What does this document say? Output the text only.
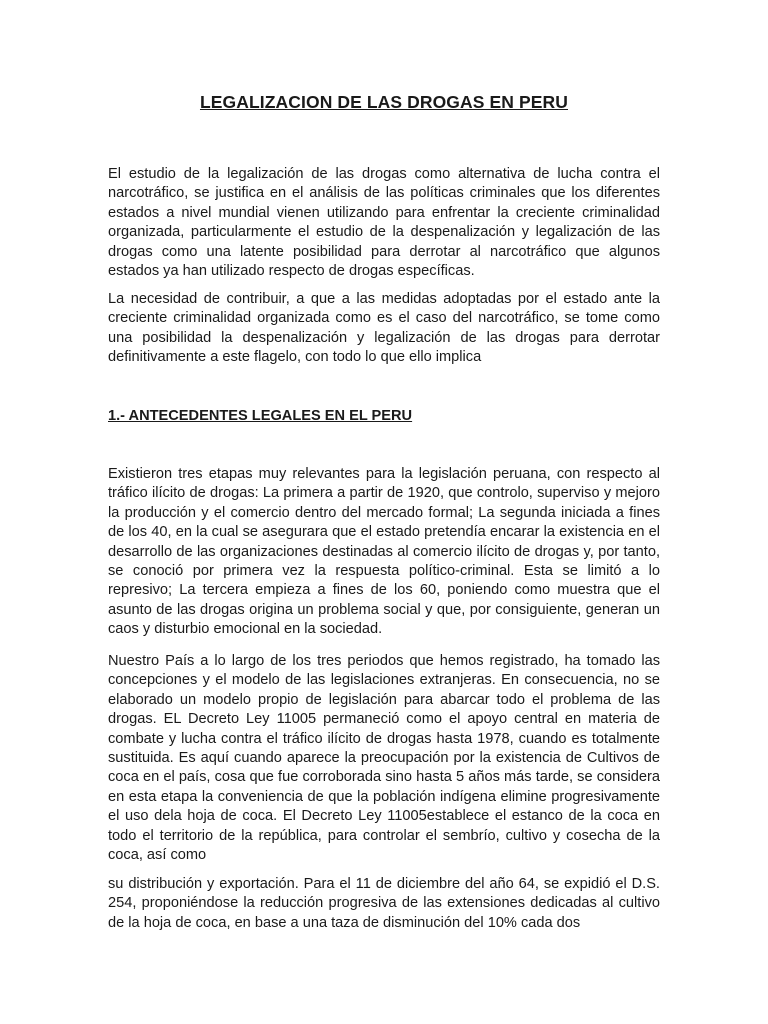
LEGALIZACION DE LAS DROGAS EN PERU

El estudio de la legalización de las drogas como alternativa de lucha contra el narcotráfico, se justifica en el análisis de las políticas criminales que los diferentes estados a nivel mundial vienen utilizando para enfrentar la creciente criminalidad organizada, particularmente el estudio de la despenalización y legalización de las drogas como una latente posibilidad para derrotar al narcotráfico que algunos estados ya han utilizado respecto de drogas específicas.

La necesidad de contribuir, a que a las medidas adoptadas por el estado ante la creciente criminalidad organizada como es el caso del narcotráfico, se tome como una posibilidad la despenalización y legalización de las drogas para derrotar definitivamente a este flagelo, con todo lo que ello implica

1.- ANTECEDENTES LEGALES EN EL PERU

Existieron tres etapas muy relevantes para la legislación peruana, con respecto al tráfico ilícito de drogas: La primera a partir de 1920, que controlo, superviso y mejoro la producción y el comercio dentro del mercado formal; La segunda iniciada a fines de los 40, en la cual se asegurara que el estado pretendía encarar la existencia en el desarrollo de las organizaciones destinadas al comercio ilícito de drogas y, por tanto, se conoció por primera vez la respuesta político-criminal. Esta se limitó a lo represivo; La tercera empieza a fines de los 60, poniendo como muestra que el asunto de las drogas origina un problema social y que, por consiguiente, generan un caos y disturbio emocional en la sociedad.

Nuestro País a lo largo de los tres periodos que hemos registrado, ha tomado las concepciones y el modelo de las legislaciones extranjeras. En consecuencia, no se elaborado un modelo propio de legislación para abarcar todo el problema de las drogas. EL Decreto Ley 11005 permaneció como el apoyo central en materia de combate y lucha contra el tráfico ilícito de drogas hasta 1978, cuando es totalmente sustituida. Es aquí cuando aparece la preocupación por la existencia de Cultivos de coca en el país, cosa que fue corroborada sino hasta 5 años más tarde, se considera en esta etapa la conveniencia de que la población indígena elimine progresivamente el uso dela hoja de coca. El Decreto Ley 11005establece el estanco de la coca en todo el territorio de la república, para controlar el sembrío, cultivo y cosecha de la coca, así como

su distribución y exportación. Para el 11 de diciembre del año 64, se expidió el D.S. 254, proponiéndose la reducción progresiva de las extensiones dedicadas al cultivo de la hoja de coca, en base a una taza de disminución del 10% cada dos
